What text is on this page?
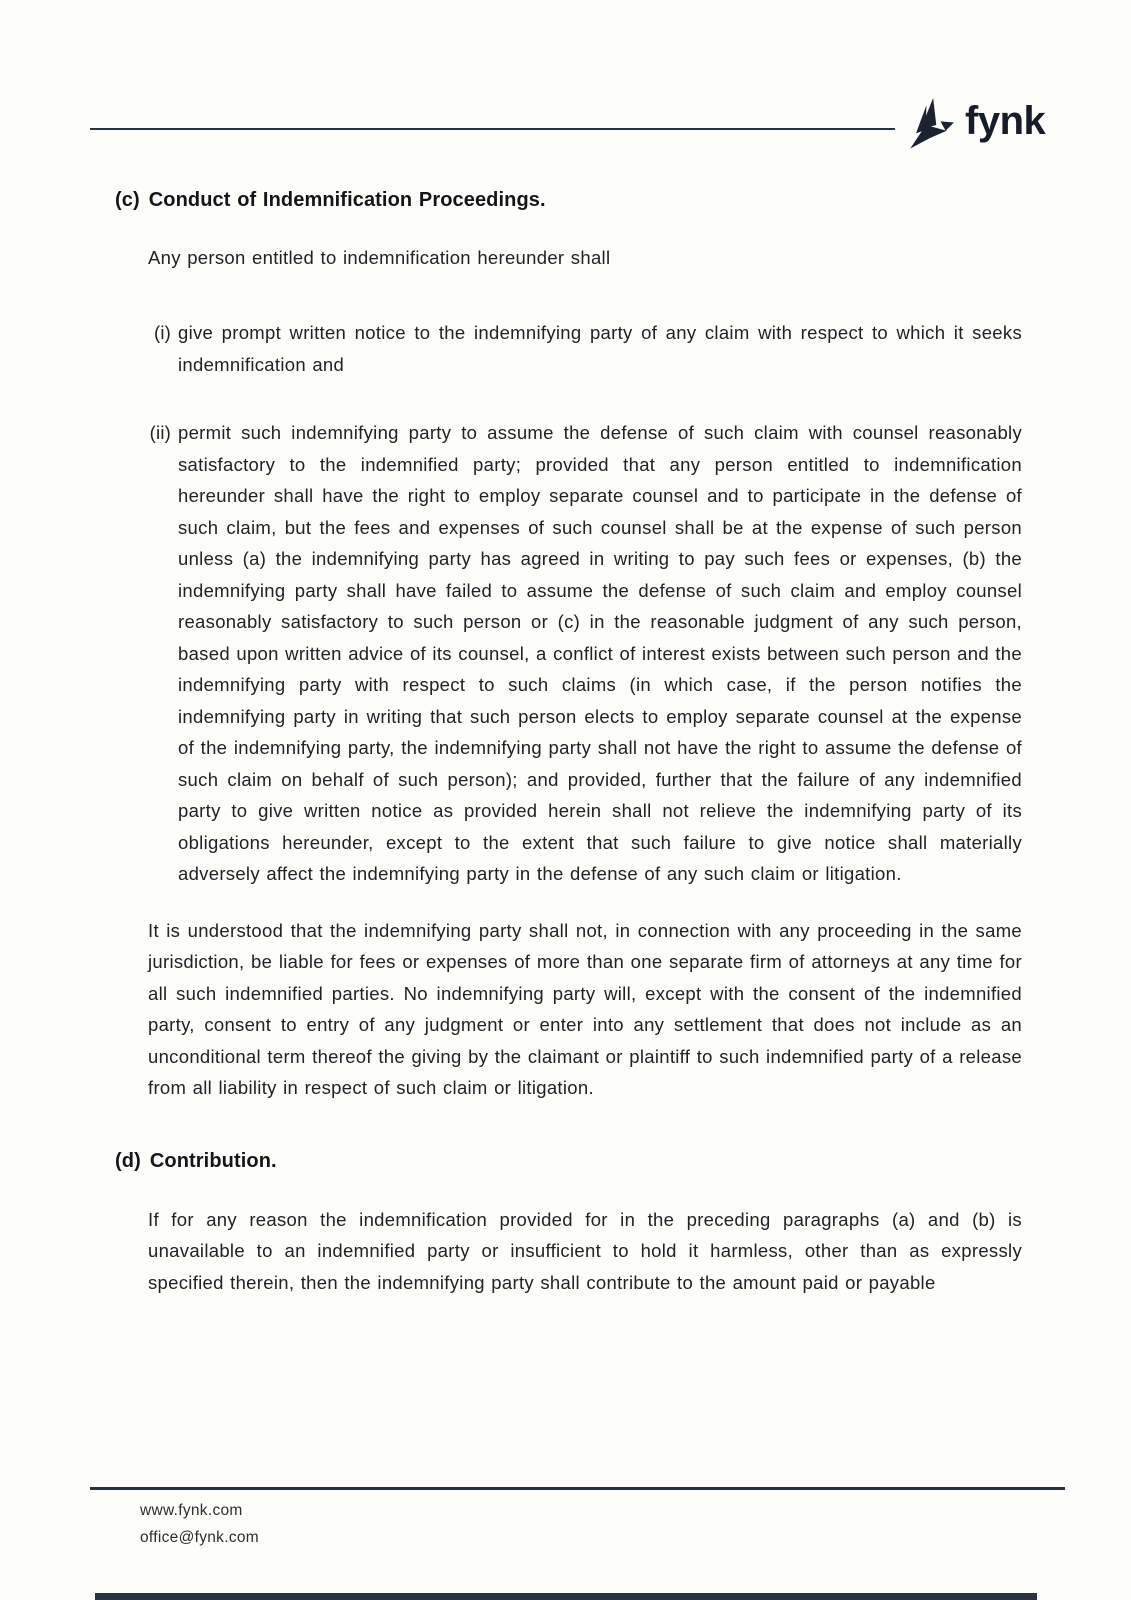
fynk
(c) Conduct of Indemnification Proceedings.

Any person entitled to indemnification hereunder shall

(i) give prompt written notice to the indemnifying party of any claim with respect to which it seeks indemnification and
(ii) permit such indemnifying party to assume the defense of such claim with counsel reasonably satisfactory to the indemnified party; provided that any person entitled to indemnification hereunder shall have the right to employ separate counsel and to participate in the defense of such claim, but the fees and expenses of such counsel shall be at the expense of such person unless (a) the indemnifying party has agreed in writing to pay such fees or expenses, (b) the indemnifying party shall have failed to assume the defense of such claim and employ counsel reasonably satisfactory to such person or (c) in the reasonable judgment of any such person, based upon written advice of its counsel, a conflict of interest exists between such person and the indemnifying party with respect to such claims (in which case, if the person notifies the indemnifying party in writing that such person elects to employ separate counsel at the expense of the indemnifying party, the indemnifying party shall not have the right to assume the defense of such claim on behalf of such person); and provided, further that the failure of any indemnified party to give written notice as provided herein shall not relieve the indemnifying party of its obligations hereunder, except to the extent that such failure to give notice shall materially adversely affect the indemnifying party in the defense of any such claim or litigation.

It is understood that the indemnifying party shall not, in connection with any proceeding in the same jurisdiction, be liable for fees or expenses of more than one separate firm of attorneys at any time for all such indemnified parties. No indemnifying party will, except with the consent of the indemnified party, consent to entry of any judgment or enter into any settlement that does not include as an unconditional term thereof the giving by the claimant or plaintiff to such indemnified party of a release from all liability in respect of such claim or litigation.

(d) Contribution.

If for any reason the indemnification provided for in the preceding paragraphs (a) and (b) is unavailable to an indemnified party or insufficient to hold it harmless, other than as expressly specified therein, then the indemnifying party shall contribute to the amount paid or payable

www.fynk.com
office@fynk.com
